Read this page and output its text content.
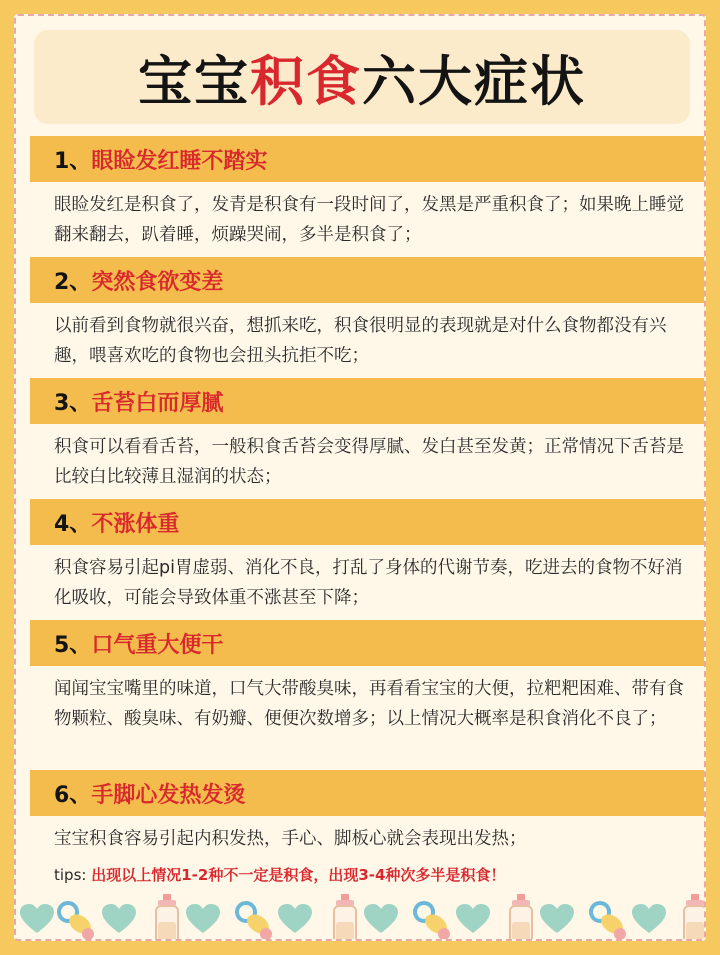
宝宝积食六大症状
1、 眼睑发红睡不踏实
眼睑发红是积食了，发青是积食有一段时间了，发黑是严重积食了；如果晚上睡觉翻来翻去，趴着睡，烦躁哭闹，多半是积食了；
2、 突然食欲变差
以前看到食物就很兴奋，想抓来吃，积食很明显的表现就是对什么食物都没有兴趣，喂喜欢吃的食物也会扭头抗拒不吃；
3、 舌苔白而厚腻
积食可以看看舌苔，一般积食舌苔会变得厚腻、发白甚至发黄；正常情况下舌苔是比较白比较薄且湿润的状态；
4、 不涨体重
积食容易引起pi胃虚弱、消化不良，打乱了身体的代谢节奏，吃进去的食物不好消化吸收，可能会导致体重不涨甚至下降；
5、 口气重大便干
闻闻宝宝嘴里的味道，口气大带酸臭味，再看看宝宝的大便，拉粑粑困难、带有食物颗粒、酸臭味、有奶瓣、便便次数增多；以上情况大概率是积食消化不良了；
6、 手脚心发热发烫
宝宝积食容易引起内积发热，手心、脚板心就会表现出发热；
tips: 出现以上情况1-2种不一定是积食，出现3-4种次多半是积食！
